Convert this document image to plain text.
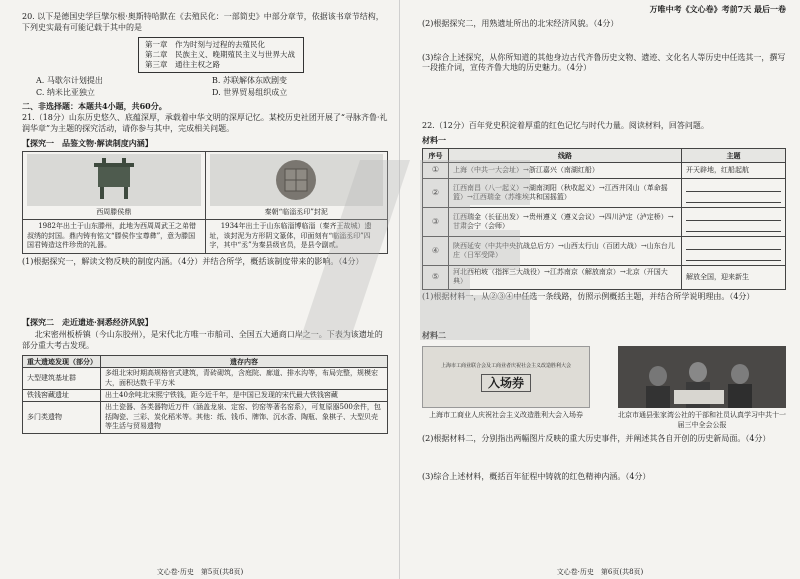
20. 以下是德国史学巨擘尔根·奥斯特哈默在《去殖民化：一部简史》中部分章节，依据该书章节结构，下列史实最有可能记载于其中的是
第一章　作为时刻与过程的去殖民化
第二章　民族主义、晚期殖民主义与世界大战
第三章　通往主权之路
A. 马歇尔计划提出	B. 苏联解体东欧剧变
C. 纳米比亚独立	D. 世界贸易组织成立
二、非选择题：本题共4小题，共60分。
21.（18分）山东历史悠久、底蕴深厚，承载着中华文明的深厚记忆。某校历史社团开展了“寻脉齐鲁·礼润华章”为主题的探究活动，请你参与其中，完成相关问题。
【探究一　品鉴文物·解读制度内涵】
西周滕侯鼎	秦朝“临淄丞印”封泥

1982年出土于山东滕州，此地为西周周武王之弟错叔绣的封国。鼎内铸有铭文“滕侯作宝尊彝”，意为滕国国君铸造这件珍贵的礼器。	1934年出土于山东临淄博临淄（秦齐王故城）遗址，该封泥为方形阴文篆体，印面刻有“临淄丞印”四字，其中“丞”为秦县级官员，是县令副贰。
(1)根据探究一，解读文物反映的制度内涵。（4分）并结合所学，概括该制度带来的影响。（4分）
【探究二　走近遗迹·洞悉经济风貌】
北宋密州板桥镇（今山东胶州），是宋代北方唯一市舶司、全国五大通商口岸之一。下表为该遗址的部分重大考古发现。
重大遗迹发现（部分）	遗存内容
大型建筑基址群	多组北宋时期高规格官式建筑，青砖砌筑，含庭院、廊道、排水沟等，布局完整，规模宏大，面积达数千平方米
铁钱窖藏遗址	出土40余吨北宋熙宁铁钱，距今近千年，是中国已发现的宋代最大铁钱窖藏
多门类遗物	出土瓷器、各类器物近万件（涵盖龙泉、定窑、钧窑等著名窑系），可复原器500余件，包括陶瓷、三彩、炭化稻米等。其他：纸、钱币、牌饰、沉水香、陶瓶、象棋子、大型贝壳等生活与贸易遗物
文心卷·历史　第5页(共8页)
万唯中考《文心卷》考前7天 最后一卷
(2)根据探究二，用熟遗址所出的北宋经济风貌。（4分）
(3)综合上述探究，从你所知道的其他身边古代齐鲁历史文物、遗迹、文化名人等历史中任选其一，撰写一段推介词，宣传齐鲁大地的历史魅力。（4分）
22.（12分）百年党史积淀着厚重的红色记忆与时代力量。阅读材料，回答问题。
材料一
序号	线路	主题
①	上海（中共一大会址）→浙江嘉兴（南湖红船）	开天辟地，红船起航
②	江西南昌（八一起义）→湖南浏阳（秋收起义）→江西井冈山（革命摇篮）→江西瑞金（苏维埃共和国摇篮）	

③	江西瑞金（长征出发）→贵州遵义（遵义会议）→四川泸定（泸定桥）→甘肃会宁（会师）	

④	陕西延安（中共中央抗战总后方）→山西太行山（百团大战）→山东台儿庄（日军受降）	

⑤	河北西柏坡（指挥三大战役）→江苏南京（解放南京）→北京（开国大典）	解放全国，迎来新生
(1)根据材料一，从②③④中任选一条线路，仿照示例概括主题，并结合所学说明理由。（4分）
材料二
上海市工商业联合会及工商业者庆祝社会主义改造胜利大会
入场券
上海市工商业人庆祝社会主义改造胜利大会入场券	北京市通县张家湾公社的干部和社员认真学习中共十一届三中全会公报
(2)根据材料二，分别指出两幅图片反映的重大历史事件，并阐述其各自开创的历史新局面。（4分）
(3)综合上述材料，概括百年征程中铸就的红色精神内涵。（4分）
文心卷·历史　第6页(共8页)
